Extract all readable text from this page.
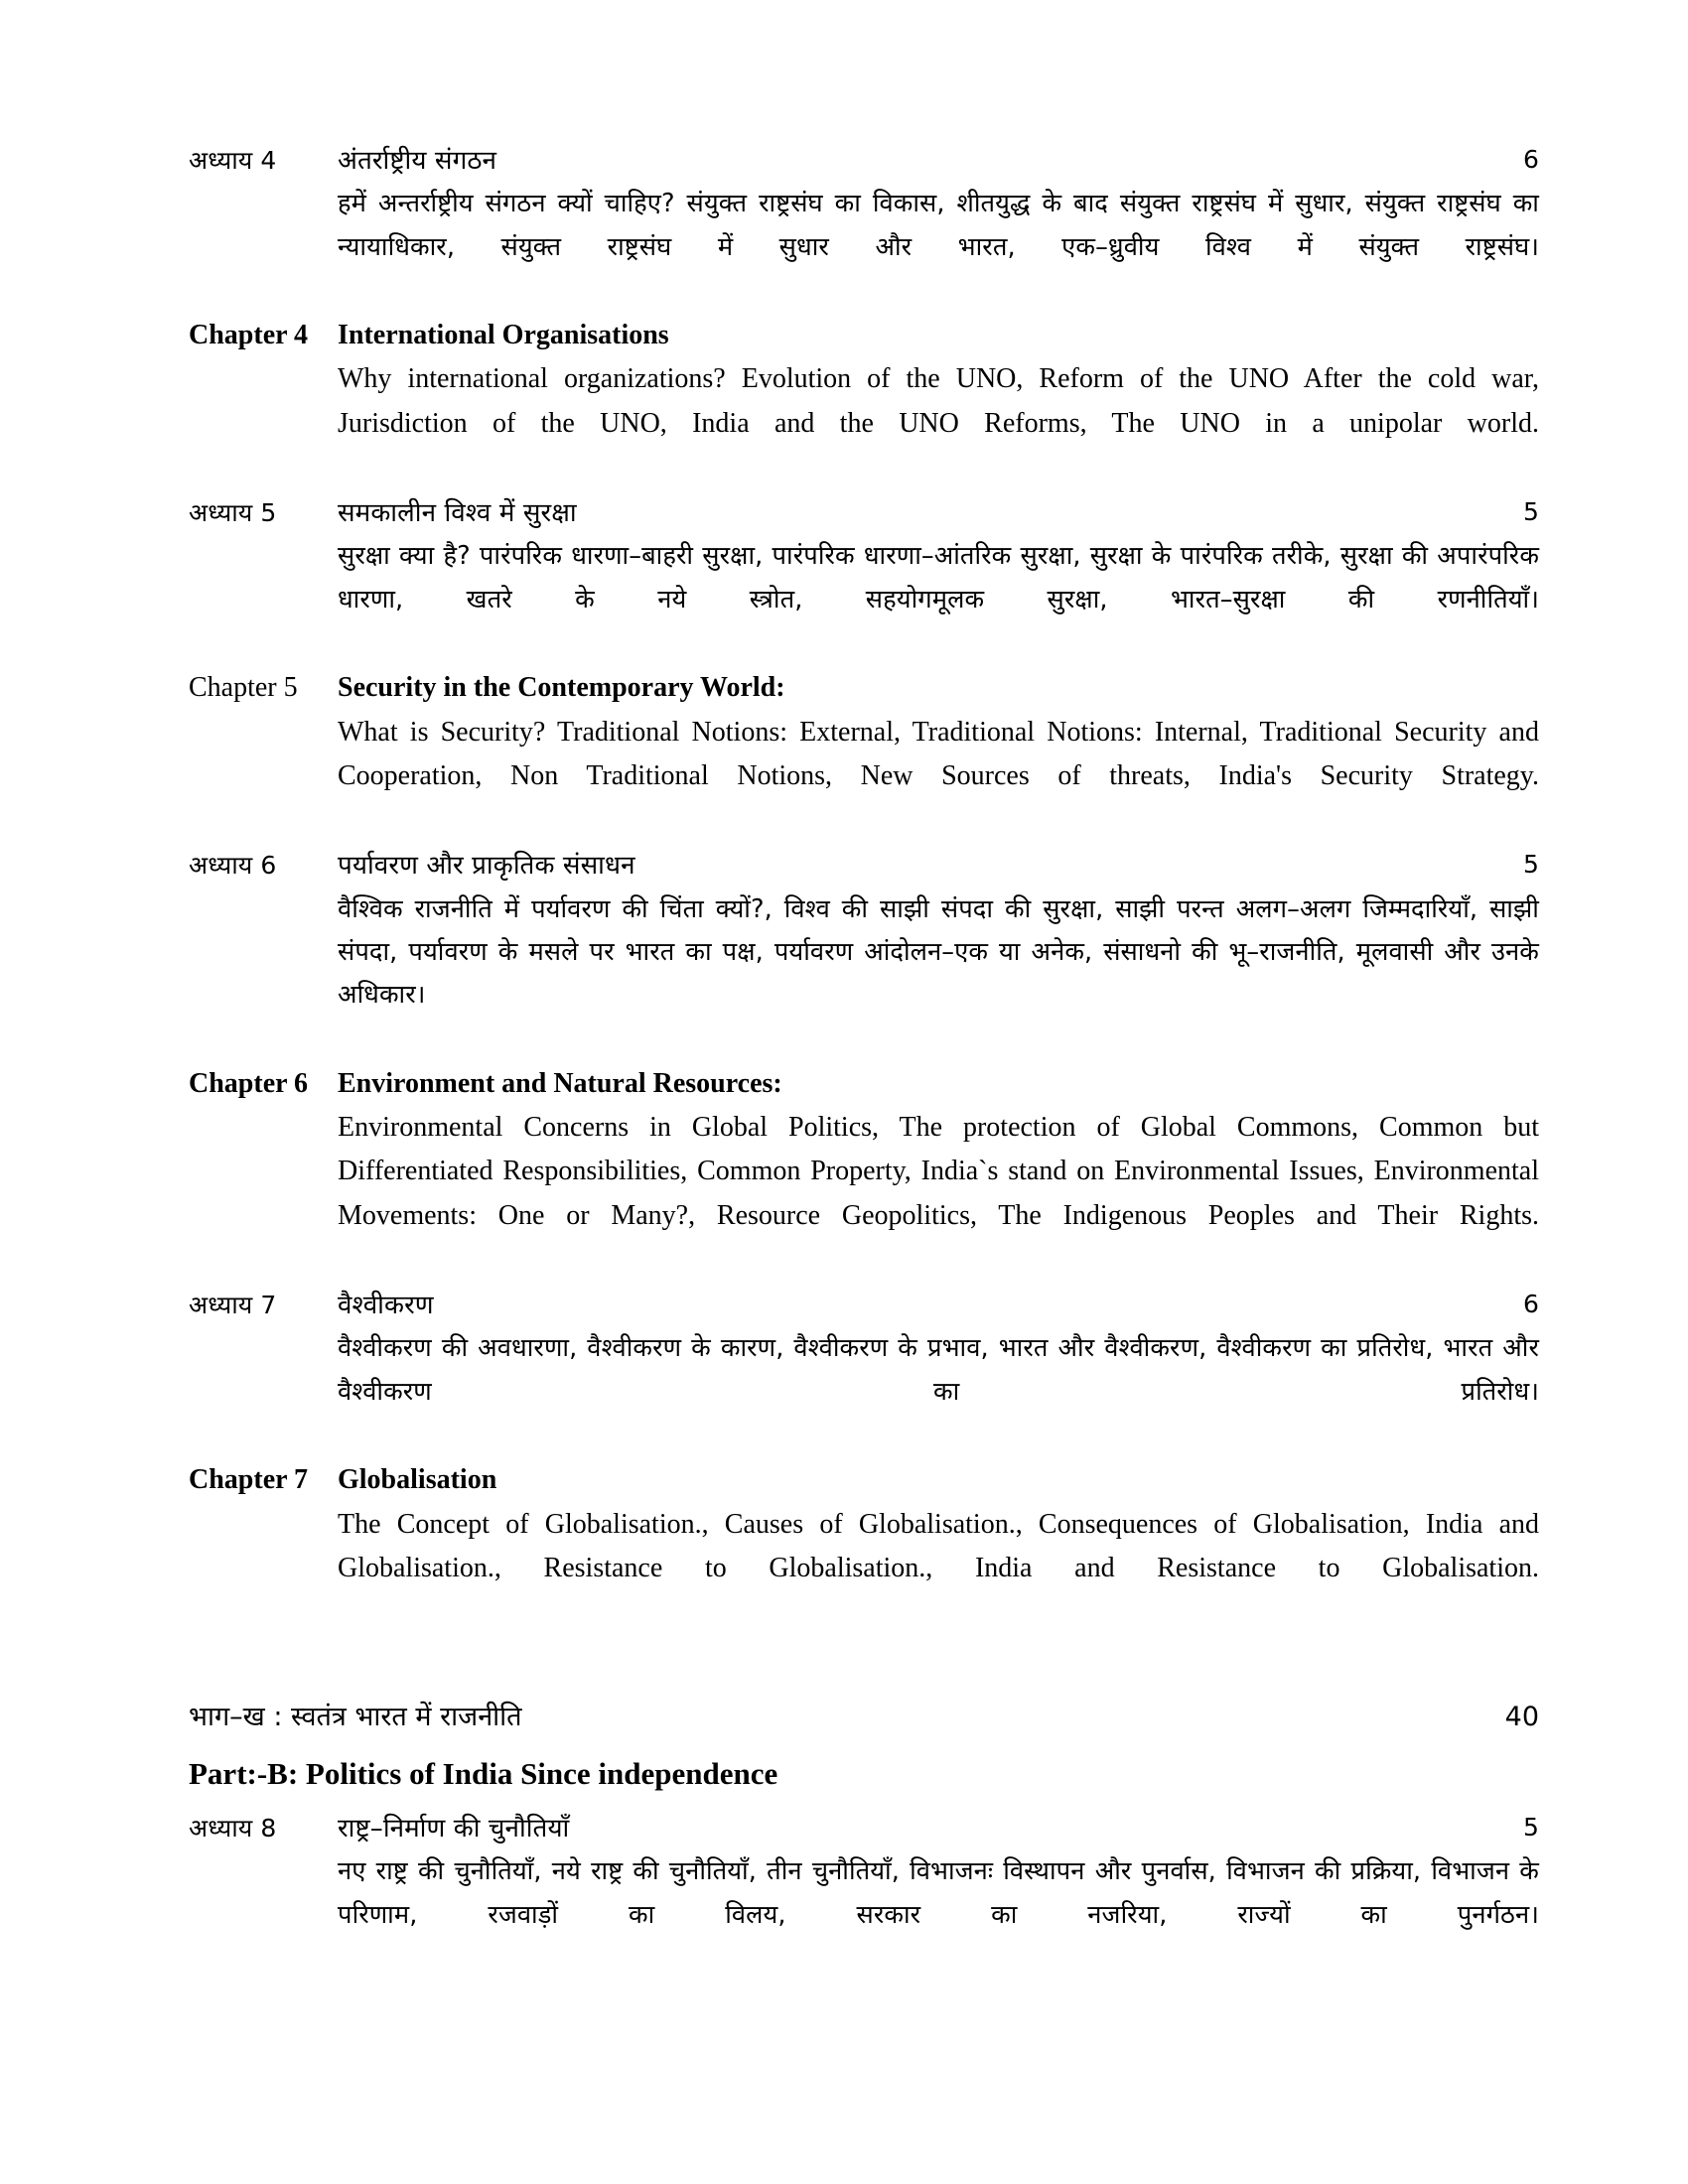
अध्याय 4	अंतर्राष्ट्रीय संगठन	6
हमें अन्तर्राष्ट्रीय संगठन क्यों चाहिए? संयुक्त राष्ट्रसंघ का विकास, शीतयुद्ध के बाद संयुक्त राष्ट्रसंघ में सुधार, संयुक्त राष्ट्रसंघ का न्यायाधिकार, संयुक्त राष्ट्रसंघ में सुधार और भारत, एक–ध्रुवीय विश्व में संयुक्त राष्ट्रसंघ।
Chapter 4	International Organisations
Why international organizations? Evolution of the UNO, Reform of the UNO After the cold war, Jurisdiction of the UNO, India and the UNO Reforms, The UNO in a unipolar world.
अध्याय 5	समकालीन विश्व में सुरक्षा	5
सुरक्षा क्या है? पारंपरिक धारणा–बाहरी सुरक्षा, पारंपरिक धारणा–आंतरिक सुरक्षा, सुरक्षा के पारंपरिक तरीके, सुरक्षा की अपारंपरिक धारणा, खतरे के नये स्त्रोत, सहयोगमूलक सुरक्षा, भारत–सुरक्षा की रणनीतियाँ।
Chapter 5	Security in the Contemporary World:
What is Security? Traditional Notions: External, Traditional Notions: Internal, Traditional Security and Cooperation, Non Traditional Notions, New Sources of threats, India's Security Strategy.
अध्याय 6	पर्यावरण और प्राकृतिक संसाधन	5
वैश्विक राजनीति में पर्यावरण की चिंता क्यों?, विश्व की साझी संपदा की सुरक्षा, साझी परन्त अलग–अलग जिम्मदारियाँ, साझी संपदा, पर्यावरण के मसले पर भारत का पक्ष, पर्यावरण आंदोलन–एक या अनेक, संसाधनो की भू–राजनीति, मूलवासी और उनके अधिकार।
Chapter 6	Environment and Natural Resources:
Environmental Concerns in Global Politics, The protection of Global Commons, Common but Differentiated Responsibilities, Common Property, India`s stand on Environmental Issues, Environmental Movements: One or Many?, Resource Geopolitics, The Indigenous Peoples and Their Rights.
अध्याय 7	वैश्वीकरण	6
वैश्वीकरण की अवधारणा, वैश्वीकरण के कारण, वैश्वीकरण के प्रभाव, भारत और वैश्वीकरण, वैश्वीकरण का प्रतिरोध, भारत और वैश्वीकरण का प्रतिरोध।
Chapter 7	Globalisation
The Concept of Globalisation., Causes of Globalisation., Consequences of Globalisation, India and Globalisation., Resistance to Globalisation., India and Resistance to Globalisation.
भाग–ख : स्वतंत्र भारत में राजनीति	40
Part:-B: Politics of India Since independence
अध्याय 8	राष्ट्र–निर्माण की चुनौतियाँ	5
नए राष्ट्र की चुनौतियाँ, नये राष्ट्र की चुनौतियाँ, तीन चुनौतियाँ, विभाजनः विस्थापन और पुनर्वास, विभाजन की प्रक्रिया, विभाजन के परिणाम, रजवाड़ों का विलय, सरकार का नजरिया, राज्यों का पुनर्गठन।
